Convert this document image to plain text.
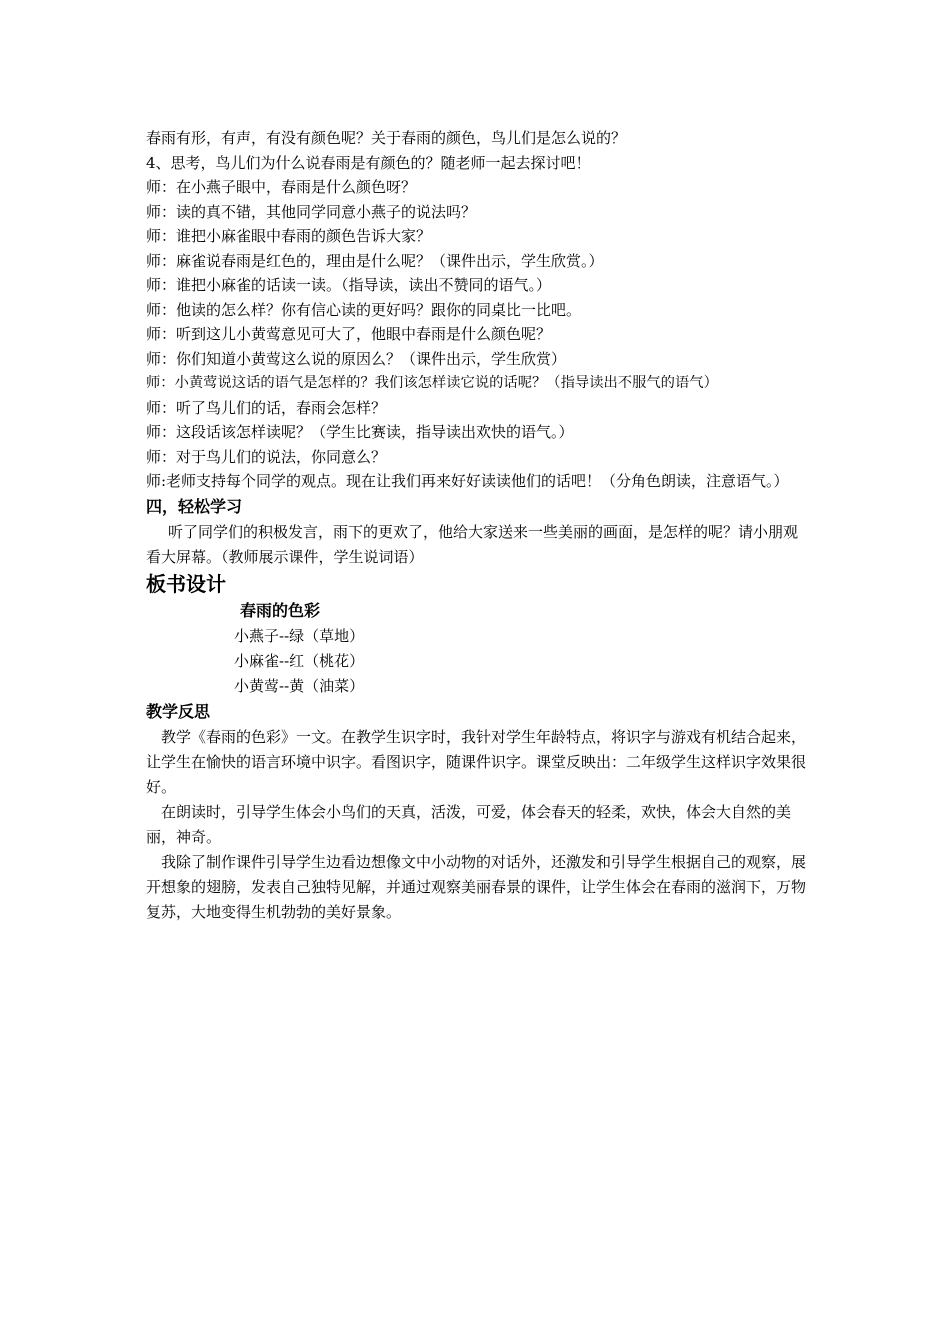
春雨有形，有声，有没有颜色呢？关于春雨的颜色，鸟儿们是怎么说的？
4、思考，鸟儿们为什么说春雨是有颜色的？随老师一起去探讨吧！
师：在小燕子眼中，春雨是什么颜色呀？
师：读的真不错，其他同学同意小燕子的说法吗？
师：谁把小麻雀眼中春雨的颜色告诉大家？
师：麻雀说春雨是红色的，理由是什么呢？（课件出示，学生欣赏。）
师：谁把小麻雀的话读一读。（指导读，读出不赞同的语气。）
师：他读的怎么样？你有信心读的更好吗？跟你的同桌比一比吧。
师：听到这儿小黄莺意见可大了，他眼中春雨是什么颜色呢？
师：你们知道小黄莺这么说的原因么？（课件出示，学生欣赏）
师：小黄莺说这话的语气是怎样的？我们该怎样读它说的话呢？（指导读出不服气的语气）
师：听了鸟儿们的话，春雨会怎样？
师：这段话该怎样读呢？（学生比赛读，指导读出欢快的语气。）
师：对于鸟儿们的说法，你同意么？
师:老师支持每个同学的观点。现在让我们再来好好读读他们的话吧！（分角色朗读，注意语气。）
四，轻松学习
听了同学们的积极发言，雨下的更欢了，他给大家送来一些美丽的画面，是怎样的呢？请小朋观看大屏幕。（教师展示课件，学生说词语）
板书设计
春雨的色彩
小燕子--绿（草地）
小麻雀--红（桃花）
小黄莺--黄（油菜）
教学反思
教学《春雨的色彩》一文。在教学生识字时，我针对学生年龄特点，将识字与游戏有机结合起来，让学生在愉快的语言环境中识字。看图识字，随课件识字。课堂反映出：二年级学生这样识字效果很好。
在朗读时，引导学生体会小鸟们的天真，活泼，可爱，体会春天的轻柔，欢快，体会大自然的美丽，神奇。
我除了制作课件引导学生边看边想像文中小动物的对话外，还激发和引导学生根据自己的观察，展开想象的翅膀，发表自己独特见解，并通过观察美丽春景的课件，让学生体会在春雨的滋润下，万物复苏，大地变得生机勃勃的美好景象。
